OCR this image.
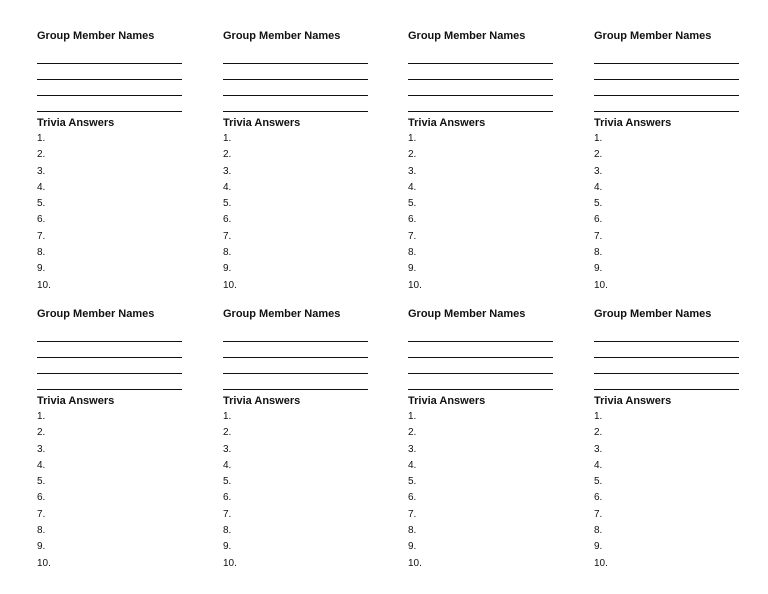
Group Member Names
Trivia Answers
1.
2.
3.
4.
5.
6.
7.
8.
9.
10.
Group Member Names
Trivia Answers
1.
2.
3.
4.
5.
6.
7.
8.
9.
10.
Group Member Names
Trivia Answers
1.
2.
3.
4.
5.
6.
7.
8.
9.
10.
Group Member Names
Trivia Answers
1.
2.
3.
4.
5.
6.
7.
8.
9.
10.
Group Member Names
Trivia Answers
1.
2.
3.
4.
5.
6.
7.
8.
9.
10.
Group Member Names
Trivia Answers
1.
2.
3.
4.
5.
6.
7.
8.
9.
10.
Group Member Names
Trivia Answers
1.
2.
3.
4.
5.
6.
7.
8.
9.
10.
Group Member Names
Trivia Answers
1.
2.
3.
4.
5.
6.
7.
8.
9.
10.
